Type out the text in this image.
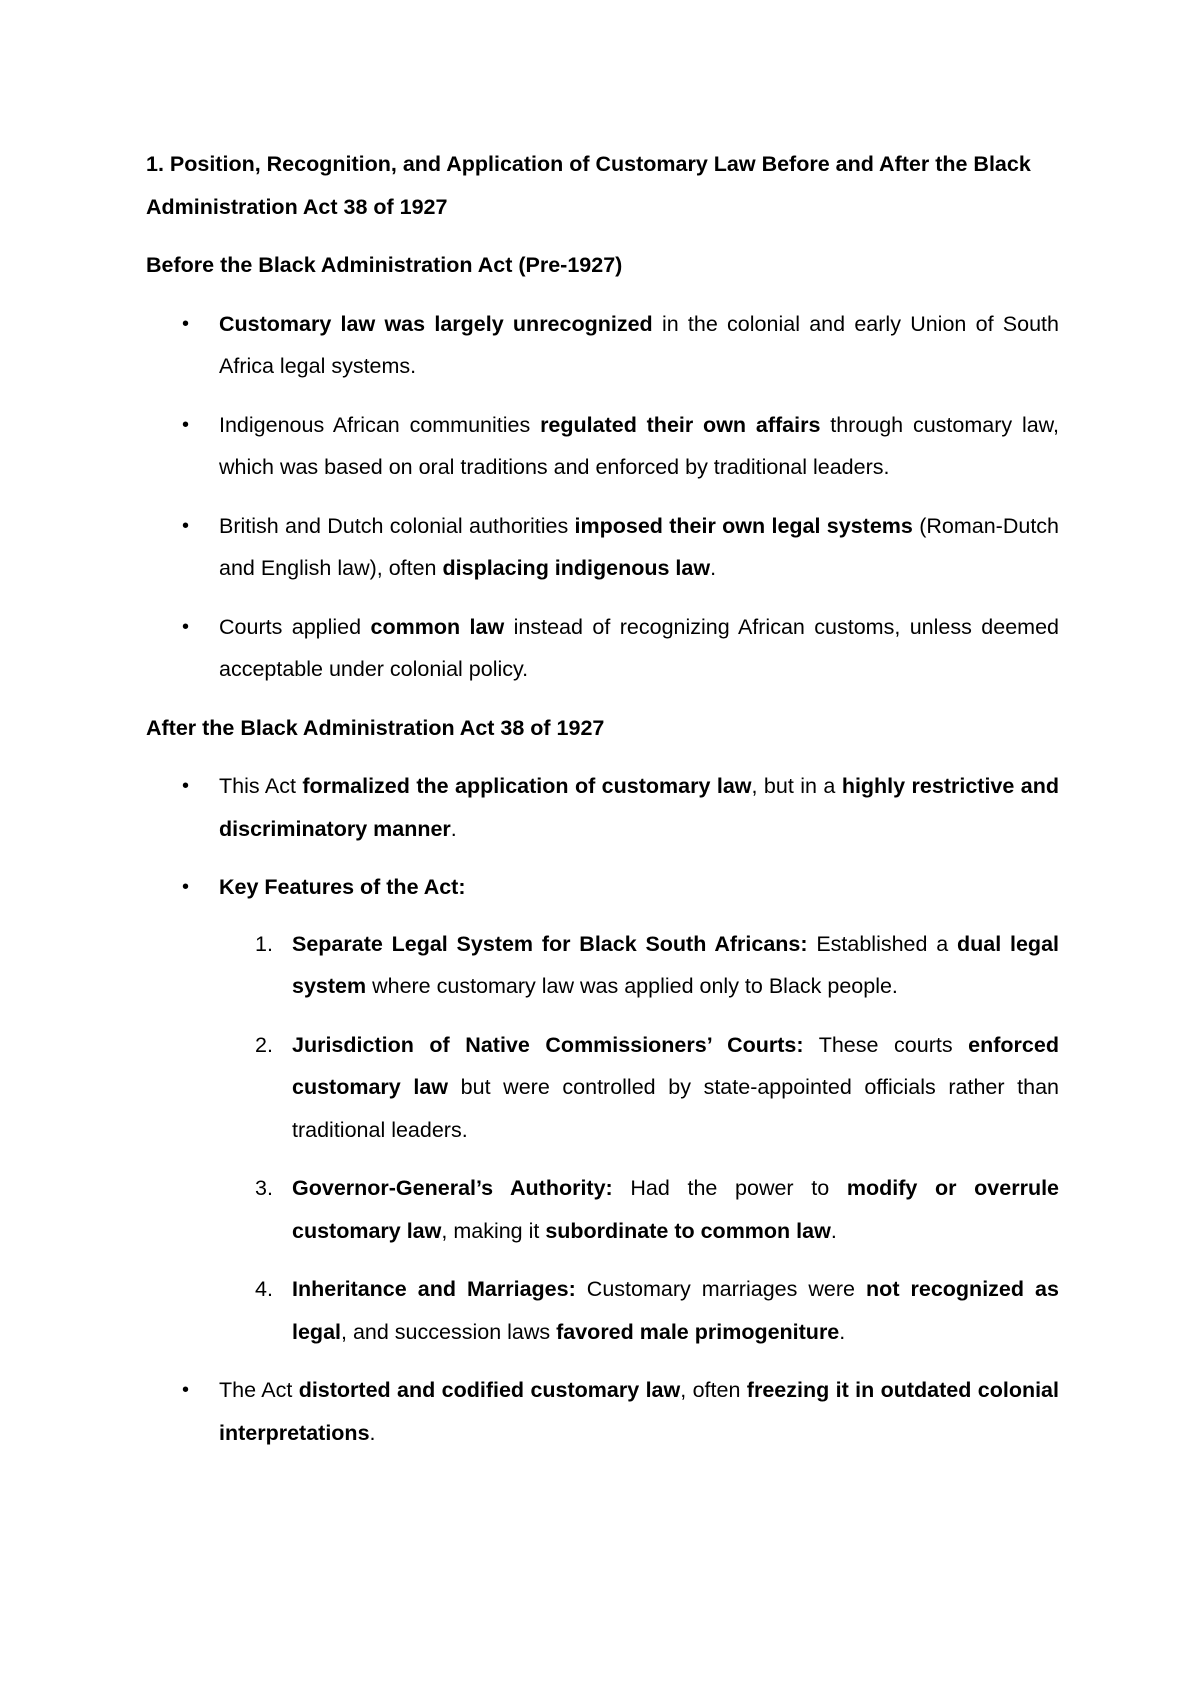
1. Position, Recognition, and Application of Customary Law Before and After the Black Administration Act 38 of 1927
Before the Black Administration Act (Pre-1927)
• Customary law was largely unrecognized in the colonial and early Union of South Africa legal systems.
• Indigenous African communities regulated their own affairs through customary law, which was based on oral traditions and enforced by traditional leaders.
• British and Dutch colonial authorities imposed their own legal systems (Roman-Dutch and English law), often displacing indigenous law.
• Courts applied common law instead of recognizing African customs, unless deemed acceptable under colonial policy.
After the Black Administration Act 38 of 1927
• This Act formalized the application of customary law, but in a highly restrictive and discriminatory manner.
• Key Features of the Act:
1. Separate Legal System for Black South Africans: Established a dual legal system where customary law was applied only to Black people.
2. Jurisdiction of Native Commissioners’ Courts: These courts enforced customary law but were controlled by state-appointed officials rather than traditional leaders.
3. Governor-General’s Authority: Had the power to modify or overrule customary law, making it subordinate to common law.
4. Inheritance and Marriages: Customary marriages were not recognized as legal, and succession laws favored male primogeniture.
• The Act distorted and codified customary law, often freezing it in outdated colonial interpretations.
